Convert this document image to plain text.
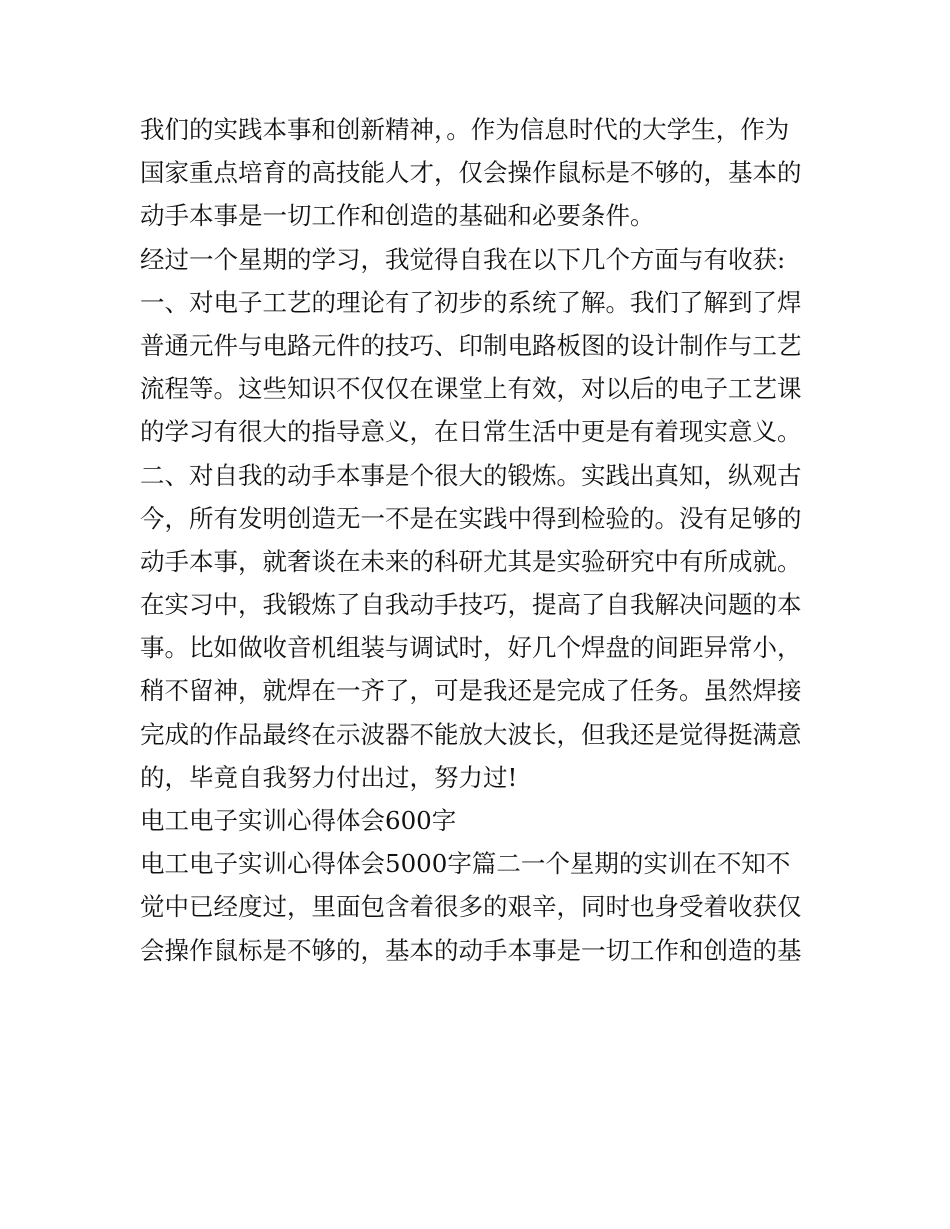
我们的实践本事和创新精神，。作为信息时代的大学生，作为
国家重点培育的高技能人才，仅会操作鼠标是不够的，基本的
动手本事是一切工作和创造的基础和必要条件。
经过一个星期的学习，我觉得自我在以下几个方面与有收获:
一、对电子工艺的理论有了初步的系统了解。我们了解到了焊
普通元件与电路元件的技巧、印制电路板图的设计制作与工艺
流程等。这些知识不仅仅在课堂上有效，对以后的电子工艺课
的学习有很大的指导意义，在日常生活中更是有着现实意义。
二、对自我的动手本事是个很大的锻炼。实践出真知，纵观古
今，所有发明创造无一不是在实践中得到检验的。没有足够的
动手本事，就奢谈在未来的科研尤其是实验研究中有所成就。
在实习中，我锻炼了自我动手技巧，提高了自我解决问题的本
事。比如做收音机组装与调试时，好几个焊盘的间距异常小，
稍不留神，就焊在一齐了，可是我还是完成了任务。虽然焊接
完成的作品最终在示波器不能放大波长，但我还是觉得挺满意
的，毕竟自我努力付出过，努力过!
电工电子实训心得体会600字
电工电子实训心得体会5000字篇二一个星期的实训在不知不
觉中已经度过，里面包含着很多的艰辛，同时也身受着收获仅
会操作鼠标是不够的，基本的动手本事是一切工作和创造的基
